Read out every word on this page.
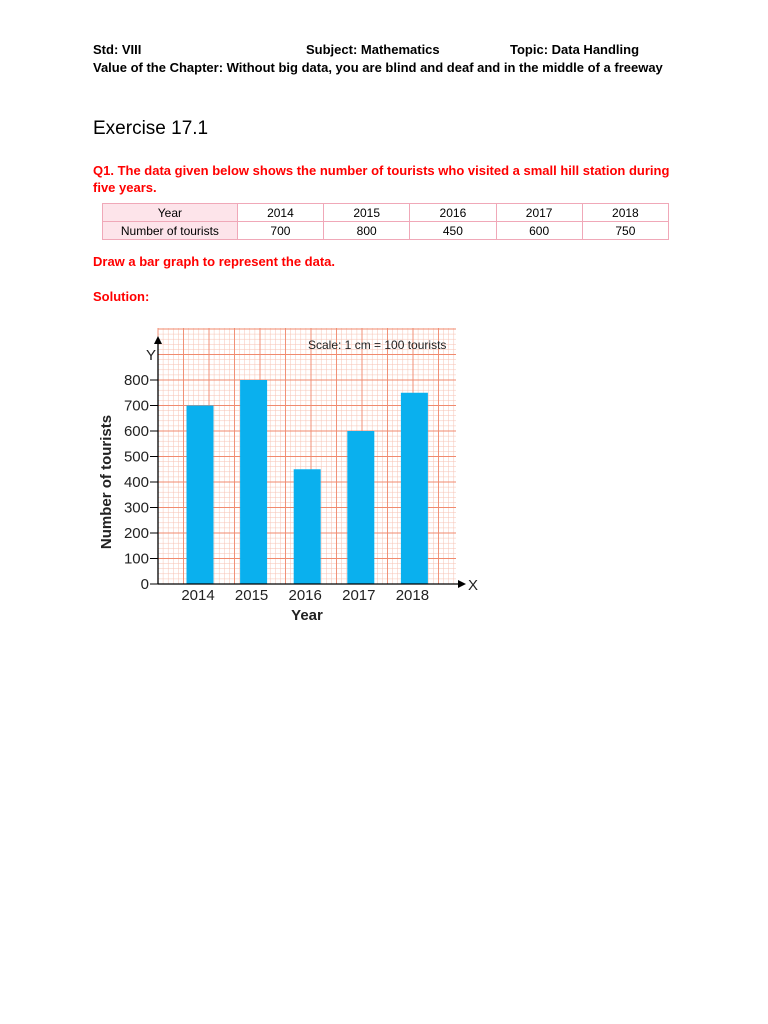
Std: VIII	Subject: Mathematics	Topic: Data Handling
Value of the Chapter: Without big data, you are blind and deaf and in the middle of a freeway
Exercise 17.1
Q1. The data given below shows the number of tourists who visited a small hill station during five years.
Year	2014	2015	2016	2017	2018
Number of tourists	700	800	450	600	750
Draw a bar graph to represent the data.
Solution:
Scale: 1 cm = 100 tourists
Y
X
0
100
200
300
400
500
600
700
800
2014 2015 2016 2017 2018
Year
Number of tourists
